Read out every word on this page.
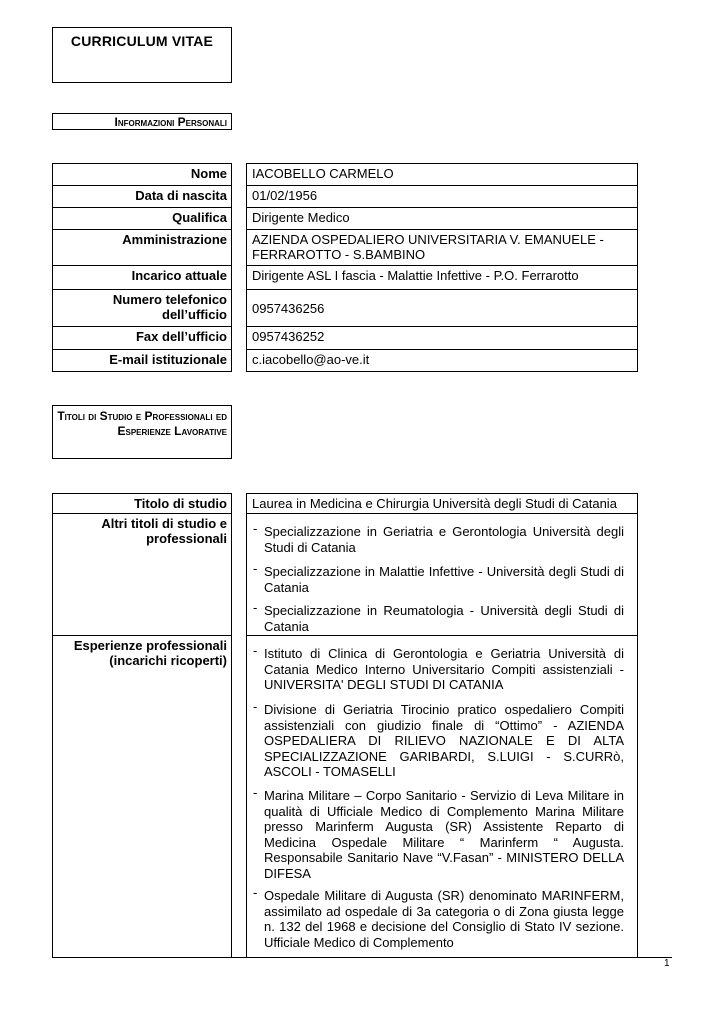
CURRICULUM VITAE
Informazioni Personali
Nome	IACOBELLO CARMELO
Data di nascita	01/02/1956
Qualifica	Dirigente Medico
Amministrazione	AZIENDA OSPEDALIERO UNIVERSITARIA V. EMANUELE - FERRAROTTO - S.BAMBINO
Incarico attuale	Dirigente ASL I fascia - Malattie Infettive - P.O. Ferrarotto
Numero telefonico dell’ufficio	0957436256
Fax dell’ufficio	0957436252
E-mail istituzionale	c.iacobello@ao-ve.it
Titoli di Studio e Professionali ed Esperienze Lavorative
Titolo di studio	Laurea in Medicina e Chirurgia Università degli Studi di Catania
Altri titoli di studio e professionali
- Specializzazione in Geriatria e Gerontologia Università degli Studi di Catania
- Specializzazione in Malattie Infettive - Università degli Studi di Catania
- Specializzazione in Reumatologia - Università degli Studi di Catania
Esperienze professionali (incarichi ricoperti)
- Istituto di Clinica di Gerontologia e Geriatria Università di Catania Medico Interno Universitario Compiti assistenziali - UNIVERSITA' DEGLI STUDI DI CATANIA
- Divisione di Geriatria Tirocinio pratico ospedaliero Compiti assistenziali con giudizio finale di “Ottimo” - AZIENDA OSPEDALIERA DI RILIEVO NAZIONALE E DI ALTA SPECIALIZZAZIONE GARIBARDI, S.LUIGI - S.CURRò, ASCOLI - TOMASELLI
- Marina Militare – Corpo Sanitario - Servizio di Leva Militare in qualità di Ufficiale Medico di Complemento Marina Militare presso Marinferm Augusta (SR) Assistente Reparto di Medicina Ospedale Militare “ Marinferm “ Augusta. Responsabile Sanitario Nave “V.Fasan” - MINISTERO DELLA DIFESA
- Ospedale Militare di Augusta (SR) denominato MARINFERM, assimilato ad ospedale di 3a categoria o di Zona giusta legge n. 132 del 1968 e decisione del Consiglio di Stato IV sezione. Ufficiale Medico di Complemento
1
